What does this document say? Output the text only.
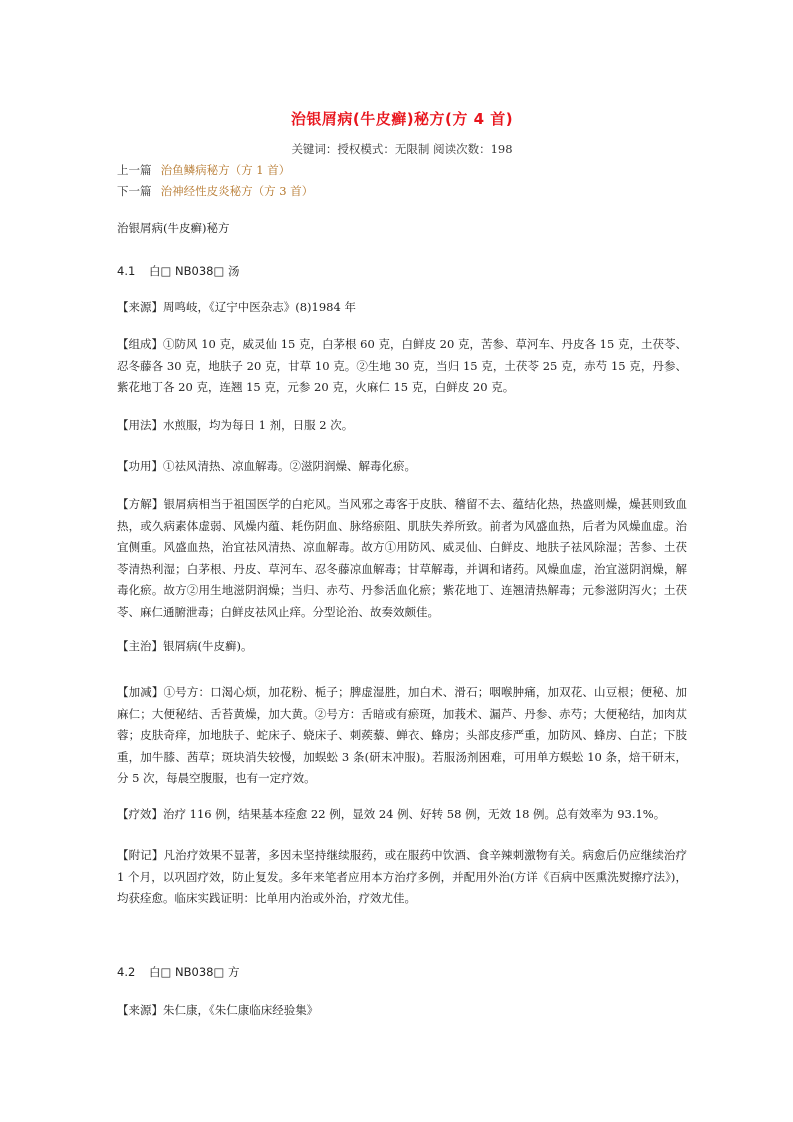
治银屑病(牛皮癣)秘方(方 4 首)
关键词：授权模式：无限制 阅读次数：198
上一篇 治鱼鳞病秘方（方 1 首）
下一篇 治神经性皮炎秘方（方 3 首）
治银屑病(牛皮癣)秘方
4.1 白□ NB038□ 汤
【来源】周鸣岐，《辽宁中医杂志》(8)1984 年
【组成】①防风 10 克，威灵仙 15 克，白茅根 60 克，白鲜皮 20 克，苦参、草河车、丹皮各 15 克，土茯苓、忍冬藤各 30 克，地肤子 20 克，甘草 10 克。②生地 30 克，当归 15 克，土茯苓 25 克，赤芍 15 克，丹参、紫花地丁各 20 克，连翘 15 克，元参 20 克，火麻仁 15 克，白鲜皮 20 克。
【用法】水煎服，均为每日 1 剂，日服 2 次。
【功用】①祛风清热、凉血解毒。②滋阴润燥、解毒化瘀。
【方解】银屑病相当于祖国医学的白疕风。当风邪之毒客于皮肤、稽留不去、蕴结化热，热盛则燥，燥甚则致血热，或久病素体虚弱、风燥内蕴、耗伤阴血、脉络瘀阻、肌肤失养所致。前者为风盛血热，后者为风燥血虚。治宜侧重。风盛血热，治宜祛风清热、凉血解毒。故方①用防风、威灵仙、白鲜皮、地肤子祛风除湿；苦参、土茯苓清热利湿；白茅根、丹皮、草河车、忍冬藤凉血解毒；甘草解毒，并调和诸药。风燥血虚，治宜滋阴润燥，解毒化瘀。故方②用生地滋阴润燥；当归、赤芍、丹参活血化瘀；紫花地丁、连翘清热解毒；元参滋阴泻火；土茯苓、麻仁通腑泄毒；白鲜皮祛风止痒。分型论治、故奏效颇佳。
【主治】银屑病(牛皮癣)。
【加减】①号方：口渴心烦，加花粉、栀子；脾虚湿胜，加白术、滑石；咽喉肿痛，加双花、山豆根；便秘、加麻仁；大便秘结、舌苔黄燥，加大黄。②号方：舌暗或有瘀斑，加莪术、漏芦、丹参、赤芍；大便秘结，加肉苁蓉；皮肤奇痒，加地肤子、蛇床子、蛲床子、刺蒺藜、蝉衣、蜂房；头部皮疹严重，加防风、蜂房、白芷；下肢重，加牛膝、茜草；斑块消失较慢，加蜈蚣 3 条(研末冲服)。若服汤剂困难，可用单方蜈蚣 10 条，焙干研末，分 5 次，每晨空腹服，也有一定疗效。
【疗效】治疗 116 例，结果基本痊愈 22 例，显效 24 例、好转 58 例，无效 18 例。总有效率为 93.1%。
【附记】凡治疗效果不显著，多因未坚持继续服药，或在服药中饮酒、食辛辣刺激物有关。病愈后仍应继续治疗 1 个月，以巩固疗效，防止复发。多年来笔者应用本方治疗多例，并配用外治(方详《百病中医熏洗熨擦疗法》)，均获痊愈。临床实践证明：比单用内治或外治，疗效尤佳。
4.2 白□ NB038□ 方
【来源】朱仁康，《朱仁康临床经验集》
